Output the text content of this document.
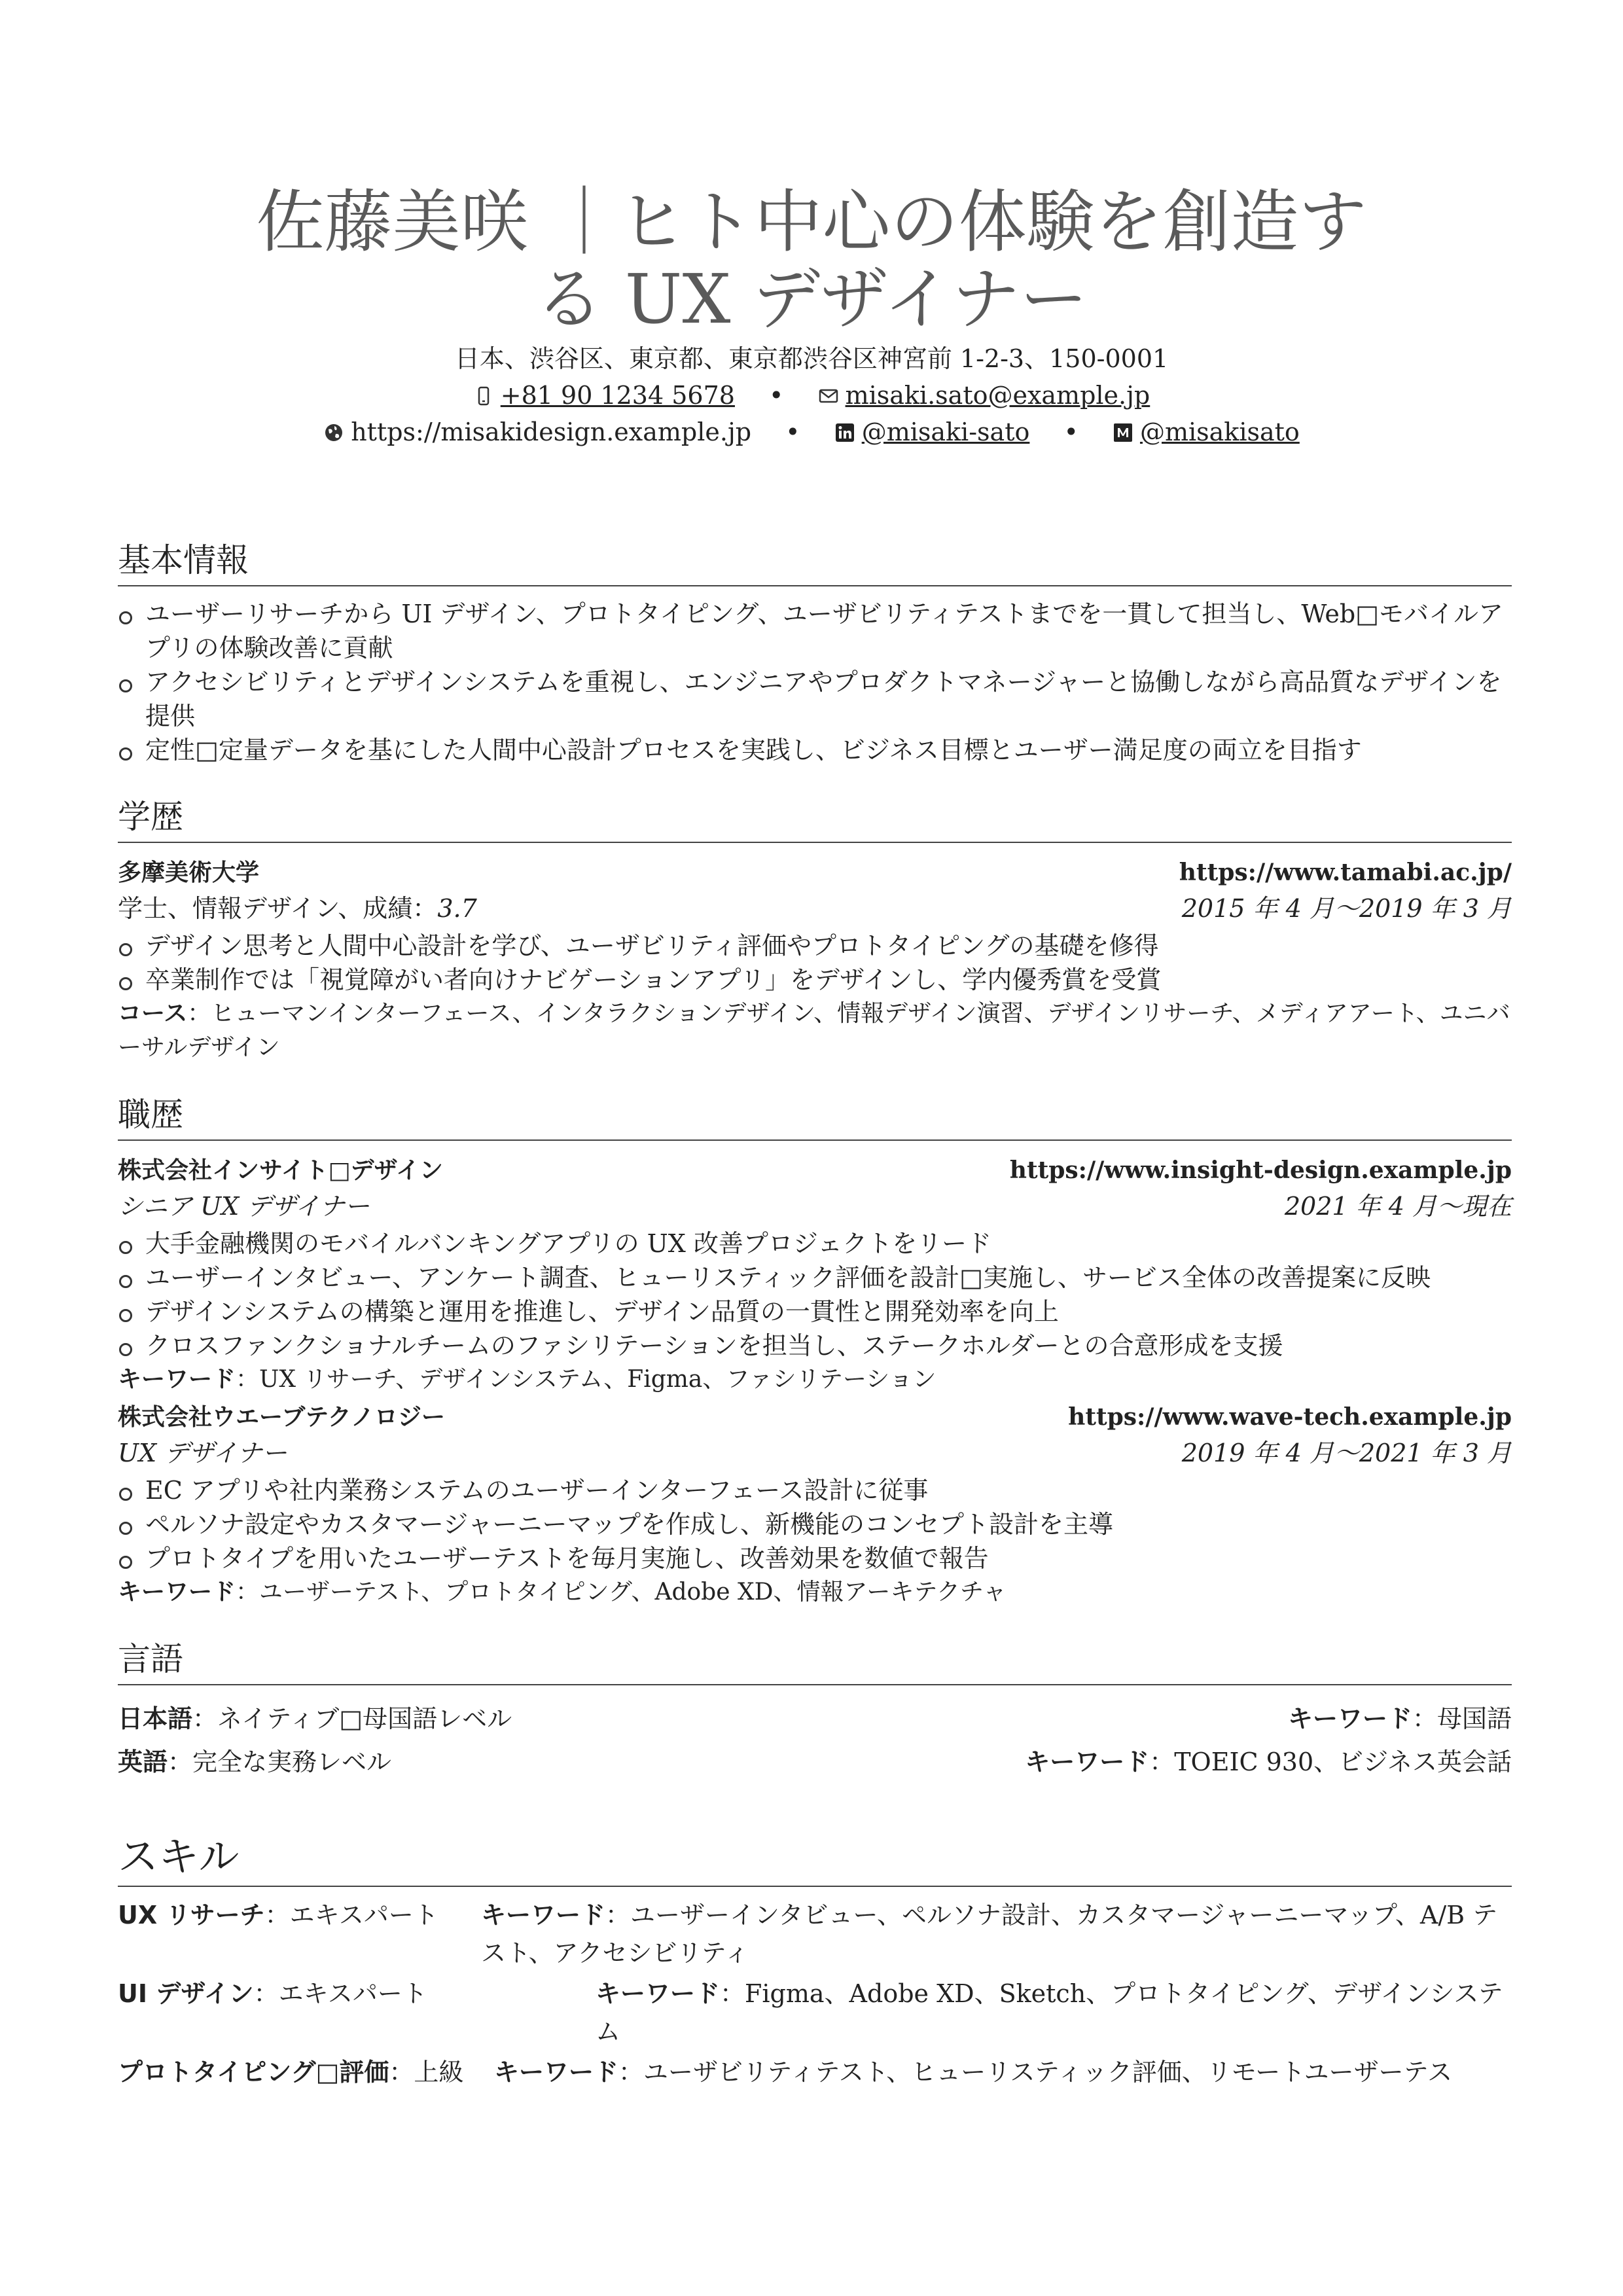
佐藤美咲 ｜ヒト中心の体験を創造す
る UX デザイナー
日本、渋谷区、東京都、東京都渋谷区神宮前 1-2-3、150-0001
+81 90 1234 5678 • misaki.sato@example.jp
https://misakidesign.example.jp • @misaki-sato • @misakisato
基本情報
ユーザーリサーチから UI デザイン、プロトタイピング、ユーザビリティテストまでを一貫して担当し、Web□モバイルアプリの体験改善に貢献
アクセシビリティとデザインシステムを重視し、エンジニアやプロダクトマネージャーと協働しながら高品質なデザインを提供
定性□定量データを基にした人間中心設計プロセスを実践し、ビジネス目標とユーザー満足度の両立を目指す
学歴
多摩美術大学	https://www.tamabi.ac.jp/
学士、情報デザイン、成績：3.7	2015 年 4 月〜2019 年 3 月
デザイン思考と人間中心設計を学び、ユーザビリティ評価やプロトタイピングの基礎を修得
卒業制作では「視覚障がい者向けナビゲーションアプリ」をデザインし、学内優秀賞を受賞
コース：ヒューマンインターフェース、インタラクションデザイン、情報デザイン演習、デザインリサーチ、メディアアート、ユニバーサルデザイン
職歴
株式会社インサイト□デザイン	https://www.insight-design.example.jp
シニア UX デザイナー	2021 年 4 月〜現在
大手金融機関のモバイルバンキングアプリの UX 改善プロジェクトをリード
ユーザーインタビュー、アンケート調査、ヒューリスティック評価を設計□実施し、サービス全体の改善提案に反映
デザインシステムの構築と運用を推進し、デザイン品質の一貫性と開発効率を向上
クロスファンクショナルチームのファシリテーションを担当し、ステークホルダーとの合意形成を支援
キーワード：UX リサーチ、デザインシステム、Figma、ファシリテーション
株式会社ウエーブテクノロジー	https://www.wave-tech.example.jp
UX デザイナー	2019 年 4 月〜2021 年 3 月
EC アプリや社内業務システムのユーザーインターフェース設計に従事
ペルソナ設定やカスタマージャーニーマップを作成し、新機能のコンセプト設計を主導
プロトタイプを用いたユーザーテストを毎月実施し、改善効果を数値で報告
キーワード：ユーザーテスト、プロトタイピング、Adobe XD、情報アーキテクチャ
言語
日本語：ネイティブ□母国語レベル	キーワード：母国語
英語：完全な実務レベル	キーワード：TOEIC 930、ビジネス英会話
スキル
UX リサーチ：エキスパート	キーワード：ユーザーインタビュー、ペルソナ設計、カスタマージャーニーマップ、A/B テスト、アクセシビリティ
UI デザイン：エキスパート	キーワード：Figma、Adobe XD、Sketch、プロトタイピング、デザインシステム
プロトタイピング□評価：上級	キーワード：ユーザビリティテスト、ヒューリスティック評価、リモートユーザーテス
